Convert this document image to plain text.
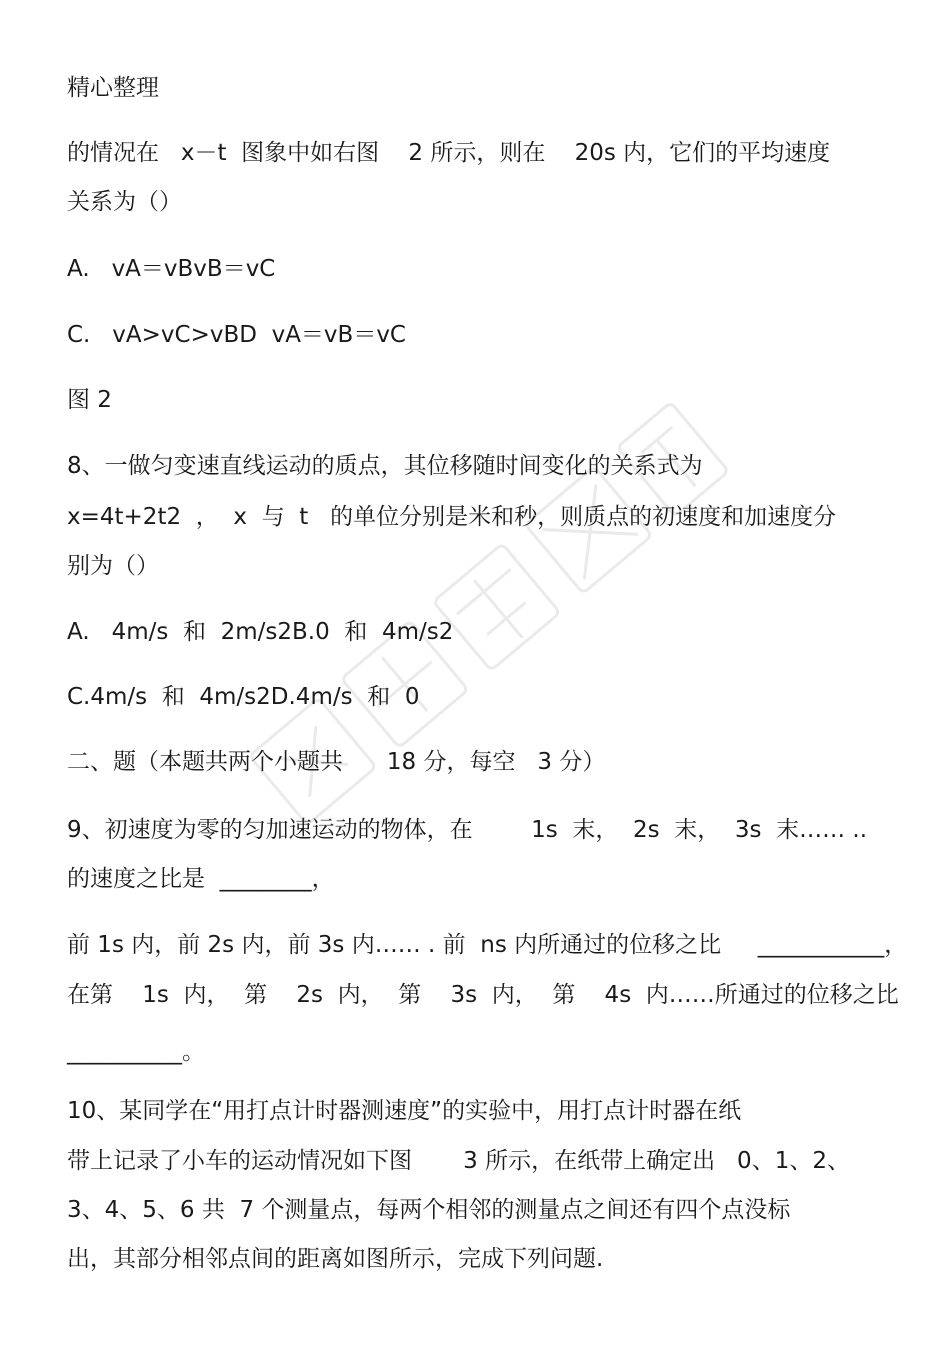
精心整理
的情况在   x－t  图象中如右图    2 所示，则在    20s 内，它们的平均速度
关系为（）
A.   vA＝vBvB＝vC
C.   vA>vC>vBD  vA＝vB＝vC
图 2
8、一做匀变速直线运动的质点，其位移随时间变化的关系式为
x=4t+2t2  ，  x  与  t   的单位分别是米和秒，则质点的初速度和加速度分
别为（）
A.   4m/s  和  2m/s2B.0  和  4m/s2
C.4m/s  和  4m/s2D.4m/s  和  0
二、题（本题共两个小题共      18 分，每空   3 分）
9、初速度为零的匀加速运动的物体，在        1s  末，  2s  末，  3s  末…… ..
的速度之比是  ________，
前 1s 内，前 2s 内，前 3s 内…… . 前  ns 内所通过的位移之比     ___________，
在第    1s  内，  第    2s  内，  第    3s  内，  第    4s  内……所通过的位移之比
__________。
10、某同学在“用打点计时器测速度”的实验中，用打点计时器在纸
带上记录了小车的运动情况如下图       3 所示，在纸带上确定出   0、1、2、
3、4、5、6 共  7 个测量点，每两个相邻的测量点之间还有四个点没标
出，其部分相邻点间的距离如图所示，完成下列问题.
